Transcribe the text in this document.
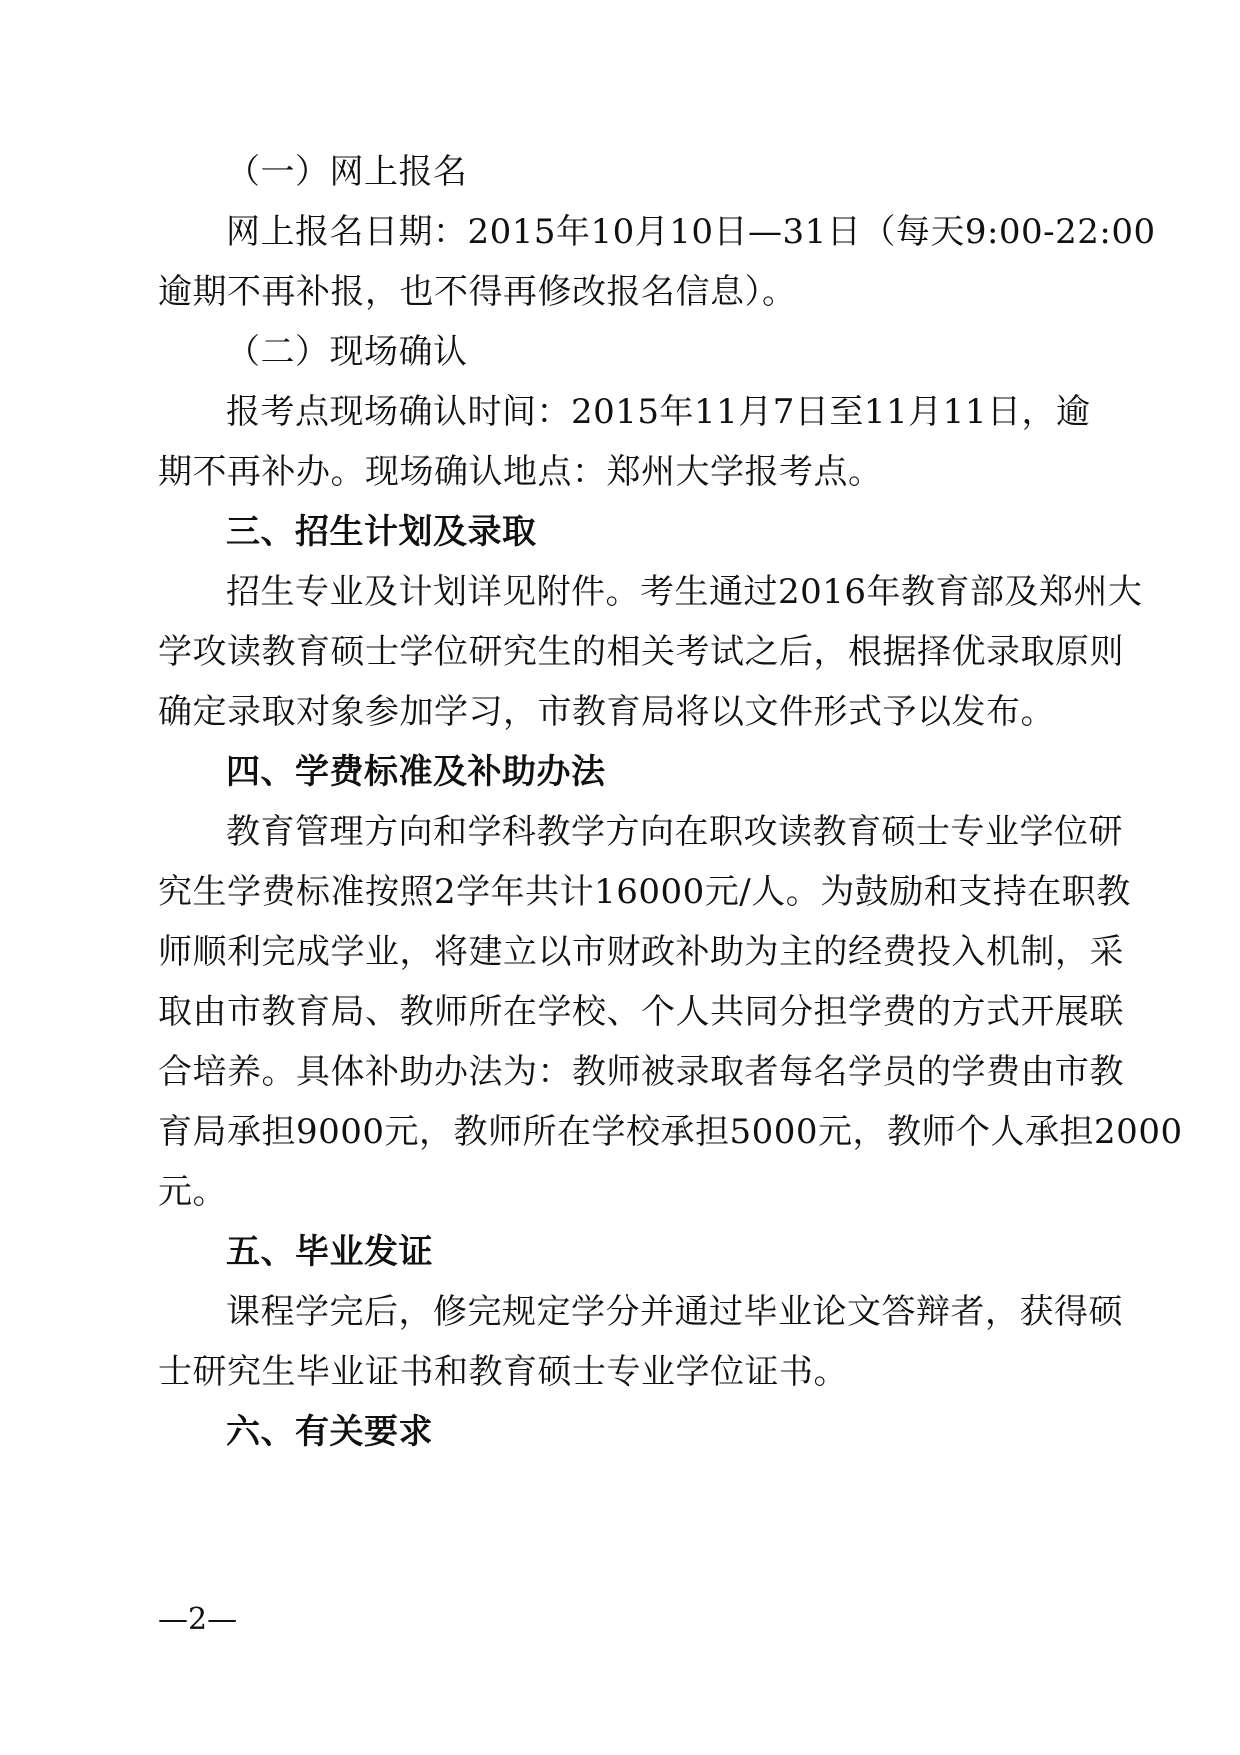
（一）网上报名
网上报名日期：2015年10月10日—31日（每天9:00-22:00
逾期不再补报，也不得再修改报名信息）。
（二）现场确认
报考点现场确认时间：2015年11月7日至11月11日，逾
期不再补办。现场确认地点：郑州大学报考点。
三、招生计划及录取
招生专业及计划详见附件。考生通过2016年教育部及郑州大
学攻读教育硕士学位研究生的相关考试之后，根据择优录取原则
确定录取对象参加学习，市教育局将以文件形式予以发布。
四、学费标准及补助办法
教育管理方向和学科教学方向在职攻读教育硕士专业学位研
究生学费标准按照2学年共计16000元/人。为鼓励和支持在职教
师顺利完成学业，将建立以市财政补助为主的经费投入机制，采
取由市教育局、教师所在学校、个人共同分担学费的方式开展联
合培养。具体补助办法为：教师被录取者每名学员的学费由市教
育局承担9000元，教师所在学校承担5000元，教师个人承担2000
元。
五、毕业发证
课程学完后，修完规定学分并通过毕业论文答辩者，获得硕
士研究生毕业证书和教育硕士专业学位证书。
六、有关要求
—2—
